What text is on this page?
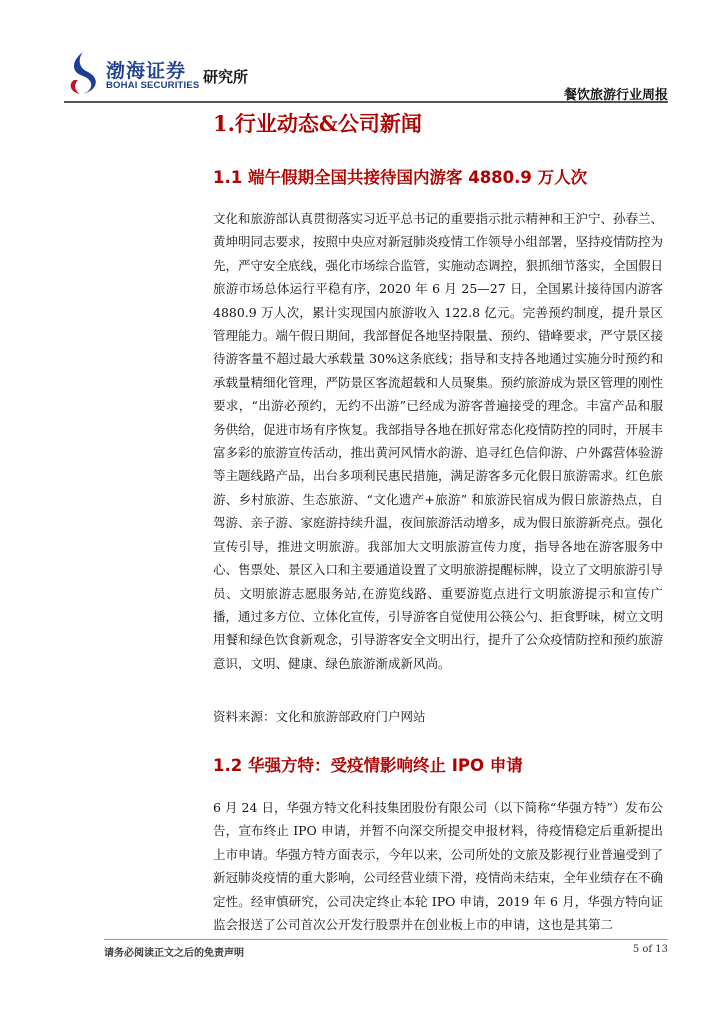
渤海证券
BOHAI SECURITIES 研究所
餐饮旅游行业周报
1.行业动态&公司新闻
1.1 端午假期全国共接待国内游客 4880.9 万人次

文化和旅游部认真贯彻落实习近平总书记的重要指示批示精神和王沪宁、孙春兰、黄坤明同志要求，按照中央应对新冠肺炎疫情工作领导小组部署，坚持疫情防控为先，严守安全底线，强化市场综合监管，实施动态调控，狠抓细节落实，全国假日旅游市场总体运行平稳有序，2020 年 6 月 25—27 日，全国累计接待国内游客 4880.9 万人次，累计实现国内旅游收入 122.8 亿元。完善预约制度，提升景区管理能力。端午假日期间，我部督促各地坚持限量、预约、错峰要求，严守景区接待游客量不超过最大承载量 30%这条底线；指导和支持各地通过实施分时预约和承载量精细化管理，严防景区客流超载和人员聚集。预约旅游成为景区管理的刚性要求，“出游必预约，无约不出游”已经成为游客普遍接受的理念。丰富产品和服务供给，促进市场有序恢复。我部指导各地在抓好常态化疫情防控的同时，开展丰富多彩的旅游宣传活动，推出黄河风情水韵游、追寻红色信仰游、户外露营体验游等主题线路产品，出台多项利民惠民措施，满足游客多元化假日旅游需求。红色旅游、乡村旅游、生态旅游、“文化遗产+旅游” 和旅游民宿成为假日旅游热点，自驾游、亲子游、家庭游持续升温，夜间旅游活动增多，成为假日旅游新亮点。强化宣传引导，推进文明旅游。我部加大文明旅游宣传力度，指导各地在游客服务中心、售票处、景区入口和主要通道设置了文明旅游提醒标牌，设立了文明旅游引导员、文明旅游志愿服务站,在游览线路、重要游览点进行文明旅游提示和宣传广播，通过多方位、立体化宣传，引导游客自觉使用公筷公勺、拒食野味，树立文明用餐和绿色饮食新观念，引导游客安全文明出行，提升了公众疫情防控和预约旅游意识，文明、健康、绿色旅游渐成新风尚。

资料来源：文化和旅游部政府门户网站
1.2 华强方特：受疫情影响终止 IPO 申请

6 月 24 日，华强方特文化科技集团股份有限公司（以下简称“华强方特”）发布公告，宣布终止 IPO 申请，并暂不向深交所提交申报材料，待疫情稳定后重新提出上市申请。华强方特方面表示，今年以来，公司所处的文旅及影视行业普遍受到了新冠肺炎疫情的重大影响，公司经营业绩下滑，疫情尚未结束，全年业绩存在不确定性。经审慎研究，公司决定终止本轮 IPO 申请，2019 年 6 月，华强方特向证监会报送了公司首次公开发行股票并在创业板上市的申请，这也是其第二

请务必阅读正文之后的免责声明	5 of 13
